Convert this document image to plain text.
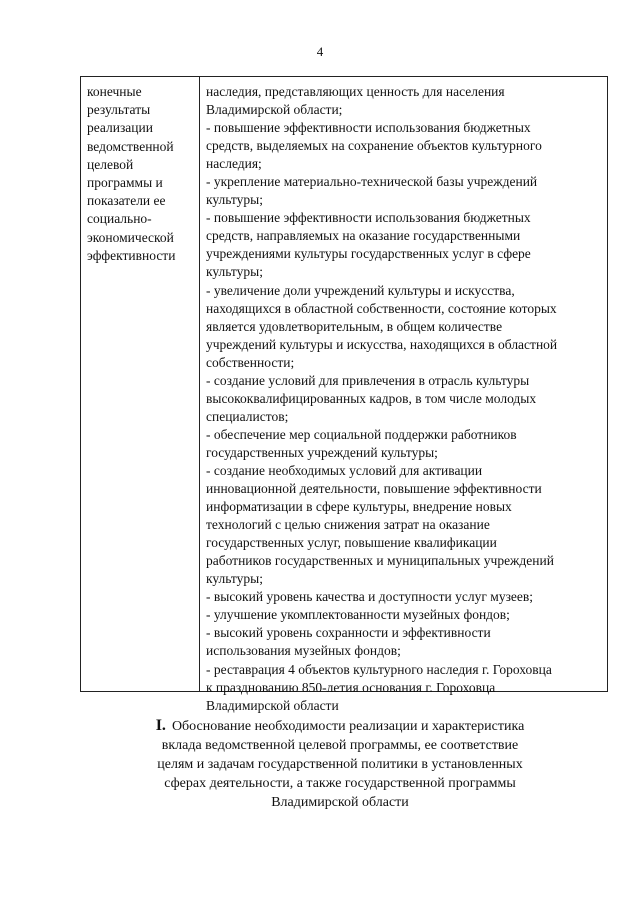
4
конечные
результаты
реализации
ведомственной
целевой
программы и
показатели ее
социально-
экономической
эффективности
наследия, представляющих ценность для населения
Владимирской области;
- повышение эффективности использования бюджетных
средств, выделяемых на сохранение объектов культурного
наследия;
- укрепление материально-технической базы учреждений
культуры;
- повышение эффективности использования бюджетных
средств, направляемых на оказание государственными
учреждениями культуры государственных услуг в сфере
культуры;
- увеличение доли учреждений культуры и искусства,
находящихся в областной собственности, состояние которых
является удовлетворительным, в общем количестве
учреждений культуры и искусства, находящихся в областной
собственности;
- создание условий для привлечения в отрасль культуры
высококвалифицированных кадров, в том числе молодых
специалистов;
- обеспечение мер социальной поддержки работников
государственных учреждений культуры;
- создание необходимых условий для активации
инновационной деятельности, повышение эффективности
информатизации в сфере культуры, внедрение новых
технологий с целью снижения затрат на оказание
государственных услуг, повышение квалификации
работников государственных и муниципальных учреждений
культуры;
- высокий уровень качества и доступности услуг музеев;
- улучшение укомплектованности музейных фондов;
- высокий уровень сохранности и эффективности
использования музейных фондов;
- реставрация 4 объектов культурного наследия г. Гороховца
к празднованию 850-летия основания г. Гороховца
Владимирской области
I. Обоснование необходимости реализации и характеристика
вклада ведомственной целевой программы, ее соответствие
целям и задачам государственной политики в установленных
сферах деятельности, а также государственной программы
Владимирской области
